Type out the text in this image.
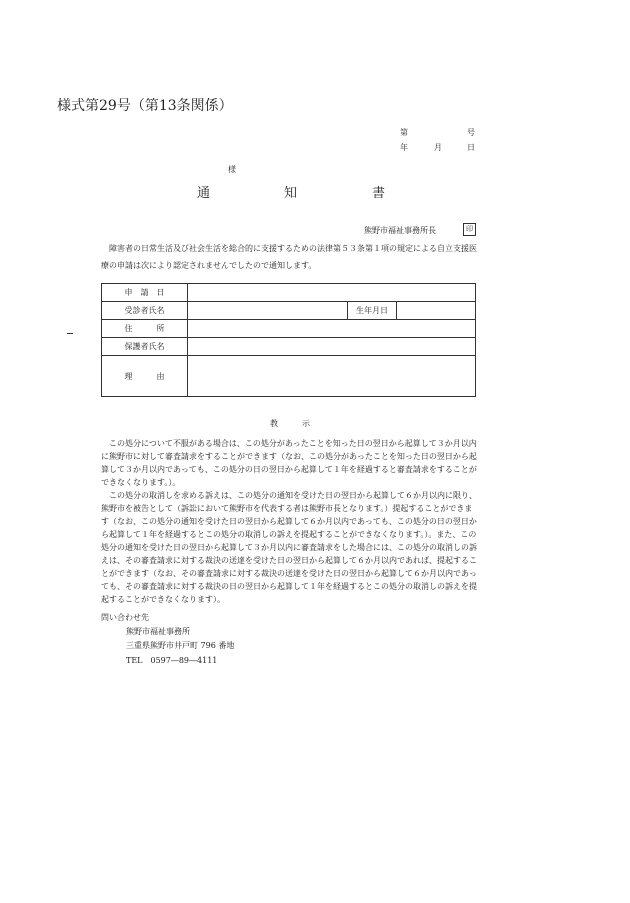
様式第29号（第13条関係）
第	号
年	月	日
様
通	知	書
熊野市福祉事務所長	印
障害者の日常生活及び社会生活を総合的に支援するための法律第５３条第１項の規定による自立支援医療の申請は次により認定されませんでしたので通知します。
申　請　日			
受診者氏名		生年月日	
住　　　所			
保護者氏名			
理　　　由			
教	示

この処分について不服がある場合は、この処分があったことを知った日の翌日から起算して３か月以内に熊野市に対して審査請求をすることができます（なお、この処分があったことを知った日の翌日から起算して３か月以内であっても、この処分の日の翌日から起算して１年を経過すると審査請求をすることができなくなります。）。

この処分の取消しを求める訴えは、この処分の通知を受けた日の翌日から起算して６か月以内に限り、熊野市を被告として（訴訟において熊野市を代表する者は熊野市長となります。）提起することができます（なお、この処分の通知を受けた日の翌日から起算して６か月以内であっても、この処分の日の翌日から起算して１年を経過するとこの処分の取消しの訴えを提起することができなくなります。）。また、この処分の通知を受けた日の翌日から起算して３か月以内に審査請求をした場合には、この処分の取消しの訴えは、その審査請求に対する裁決の送達を受けた日の翌日から起算して６か月以内であれば、提起することができます（なお、その審査請求に対する裁決の送達を受けた日の翌日から起算して６か月以内であっても、その審査請求に対する裁決の日の翌日から起算して１年を経過するとこの処分の取消しの訴えを提起することができなくなります）。

問い合わせ先
熊野市福祉事務所
三重県熊野市井戸町 796 番地
TEL　0597―89―4111
